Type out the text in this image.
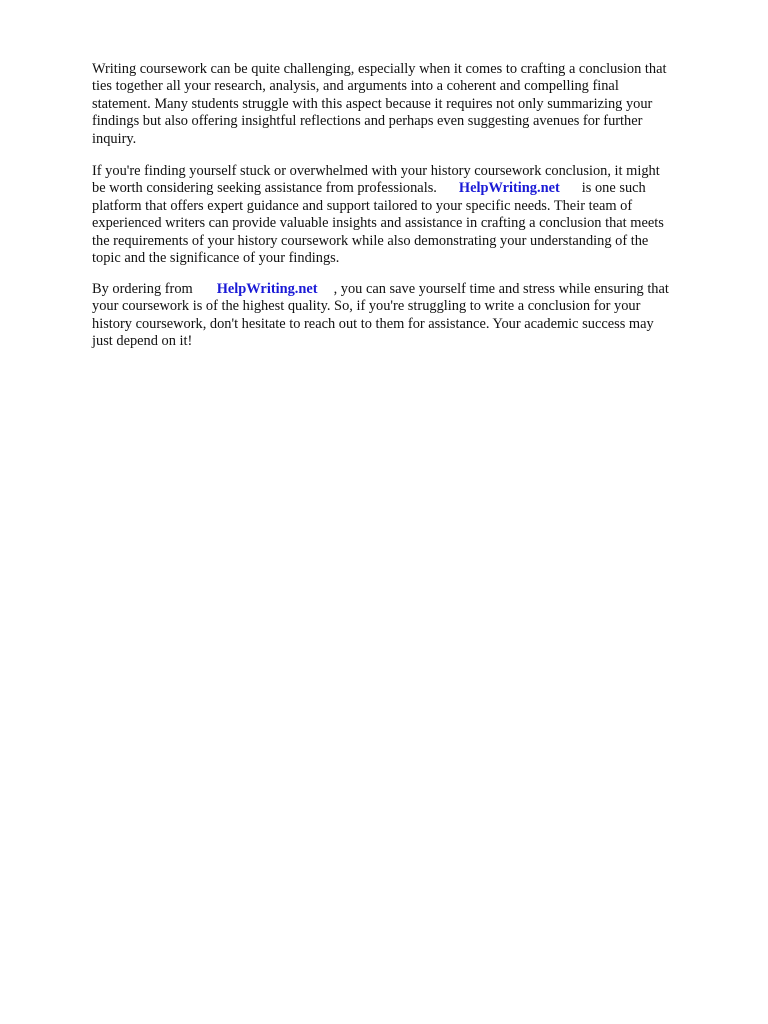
Writing coursework can be quite challenging, especially when it comes to crafting a conclusion that
ties together all your research, analysis, and arguments into a coherent and compelling final
statement. Many students struggle with this aspect because it requires not only summarizing your
findings but also offering insightful reflections and perhaps even suggesting avenues for further
inquiry.

If you're finding yourself stuck or overwhelmed with your history coursework conclusion, it might
be worth considering seeking assistance from professionals. HelpWriting.net is one such
platform that offers expert guidance and support tailored to your specific needs. Their team of
experienced writers can provide valuable insights and assistance in crafting a conclusion that meets
the requirements of your history coursework while also demonstrating your understanding of the
topic and the significance of your findings.

By ordering from HelpWriting.net , you can save yourself time and stress while ensuring that
your coursework is of the highest quality. So, if you're struggling to write a conclusion for your
history coursework, don't hesitate to reach out to them for assistance. Your academic success may
just depend on it!
